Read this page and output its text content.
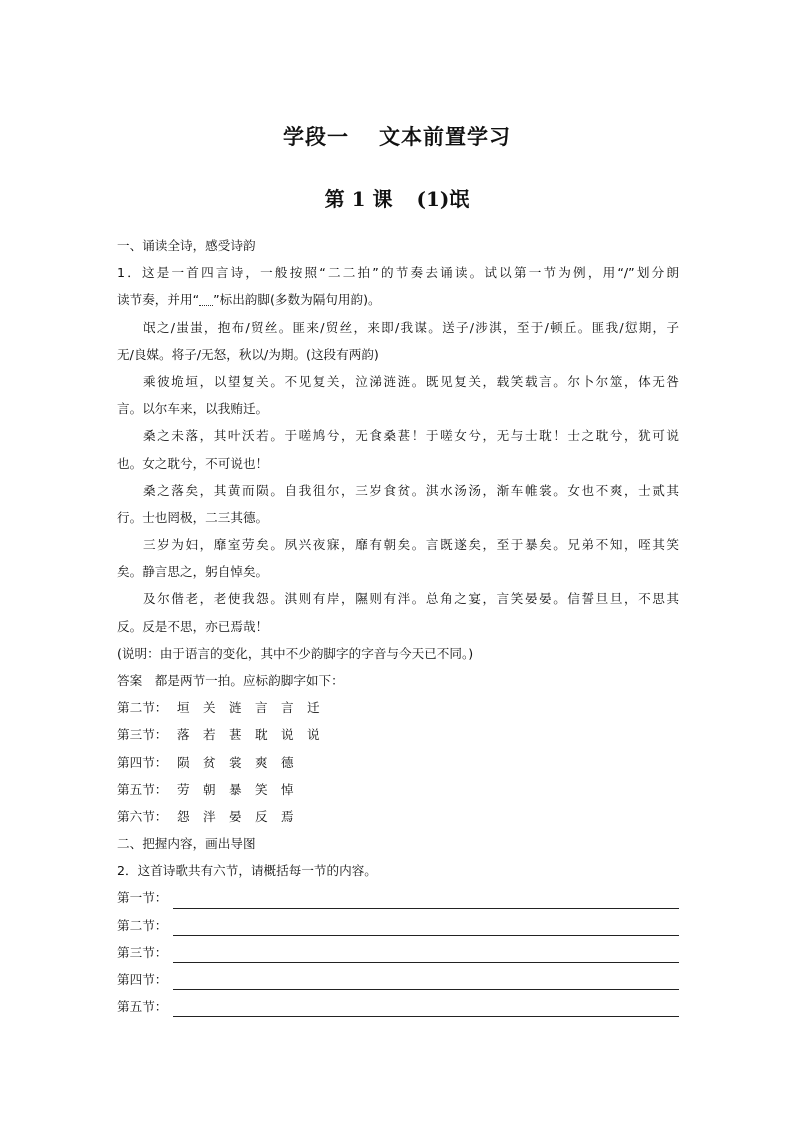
学段一 文本前置学习
第 1 课 (1)氓
一、诵读全诗，感受诗韵
1．这是一首四言诗，一般按照“二二拍”的节奏去诵读。试以第一节为例，用“/”划分朗
读节奏，并用“ ”标出韵脚(多数为隔句用韵)。
氓之/蚩蚩，抱布/贸丝。匪来/贸丝，来即/我谋。送子/涉淇，至于/顿丘。匪我/愆期，子
无/良媒。将子/无怒，秋以/为期。(这段有两韵)
乘彼垝垣，以望复关。不见复关，泣涕涟涟。既见复关，载笑载言。尔卜尔筮，体无咎
言。以尔车来，以我贿迁。
桑之未落，其叶沃若。于嗟鸠兮，无食桑葚！于嗟女兮，无与士耽！士之耽兮，犹可说
也。女之耽兮，不可说也！
桑之落矣，其黄而陨。自我徂尔，三岁食贫。淇水汤汤，渐车帷裳。女也不爽，士贰其
行。士也罔极，二三其德。
三岁为妇，靡室劳矣。夙兴夜寐，靡有朝矣。言既遂矣，至于暴矣。兄弟不知，咥其笑
矣。静言思之，躬自悼矣。
及尔偕老，老使我怨。淇则有岸，隰则有泮。总角之宴，言笑晏晏。信誓旦旦，不思其
反。反是不思，亦已焉哉！
(说明：由于语言的变化，其中不少韵脚字的字音与今天已不同。)
答案　都是两节一拍。应标韵脚字如下：
第二节： 垣 关 涟 言 言 迁
第三节： 落 若 葚 耽 说 说
第四节： 陨 贫 裳 爽 德
第五节： 劳 朝 暴 笑 悼
第六节： 怨 泮 晏 反 焉
二、把握内容，画出导图
2．这首诗歌共有六节，请概括每一节的内容。
第一节：
第二节：
第三节：
第四节：
第五节：
